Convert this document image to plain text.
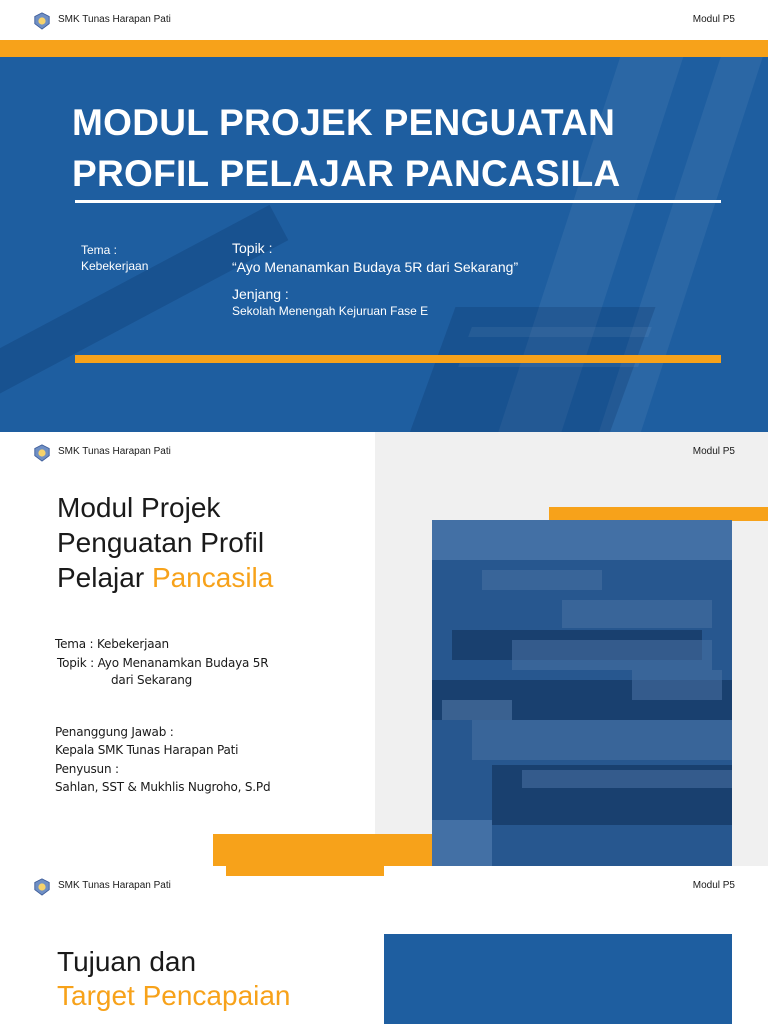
SMK Tunas Harapan Pati	Modul P5
MODUL PROJEK PENGUATAN
PROFIL PELAJAR PANCASILA
Tema :
Kebekerjaan
Topik :
“Ayo Menanamkan Budaya 5R dari Sekarang”
Jenjang :
Sekolah Menengah Kejuruan Fase E
SMK Tunas Harapan Pati	Modul P5
Modul Projek
Penguatan Profil
Pelajar Pancasila
Tema : Kebekerjaan
Topik : Ayo Menanamkan Budaya 5R
dari Sekarang
Penanggung Jawab :
Kepala SMK Tunas Harapan Pati
Penyusun :
Sahlan, SST & Mukhlis Nugroho, S.Pd
SMK Tunas Harapan Pati	Modul P5
Tujuan dan
Target Pencapaian
